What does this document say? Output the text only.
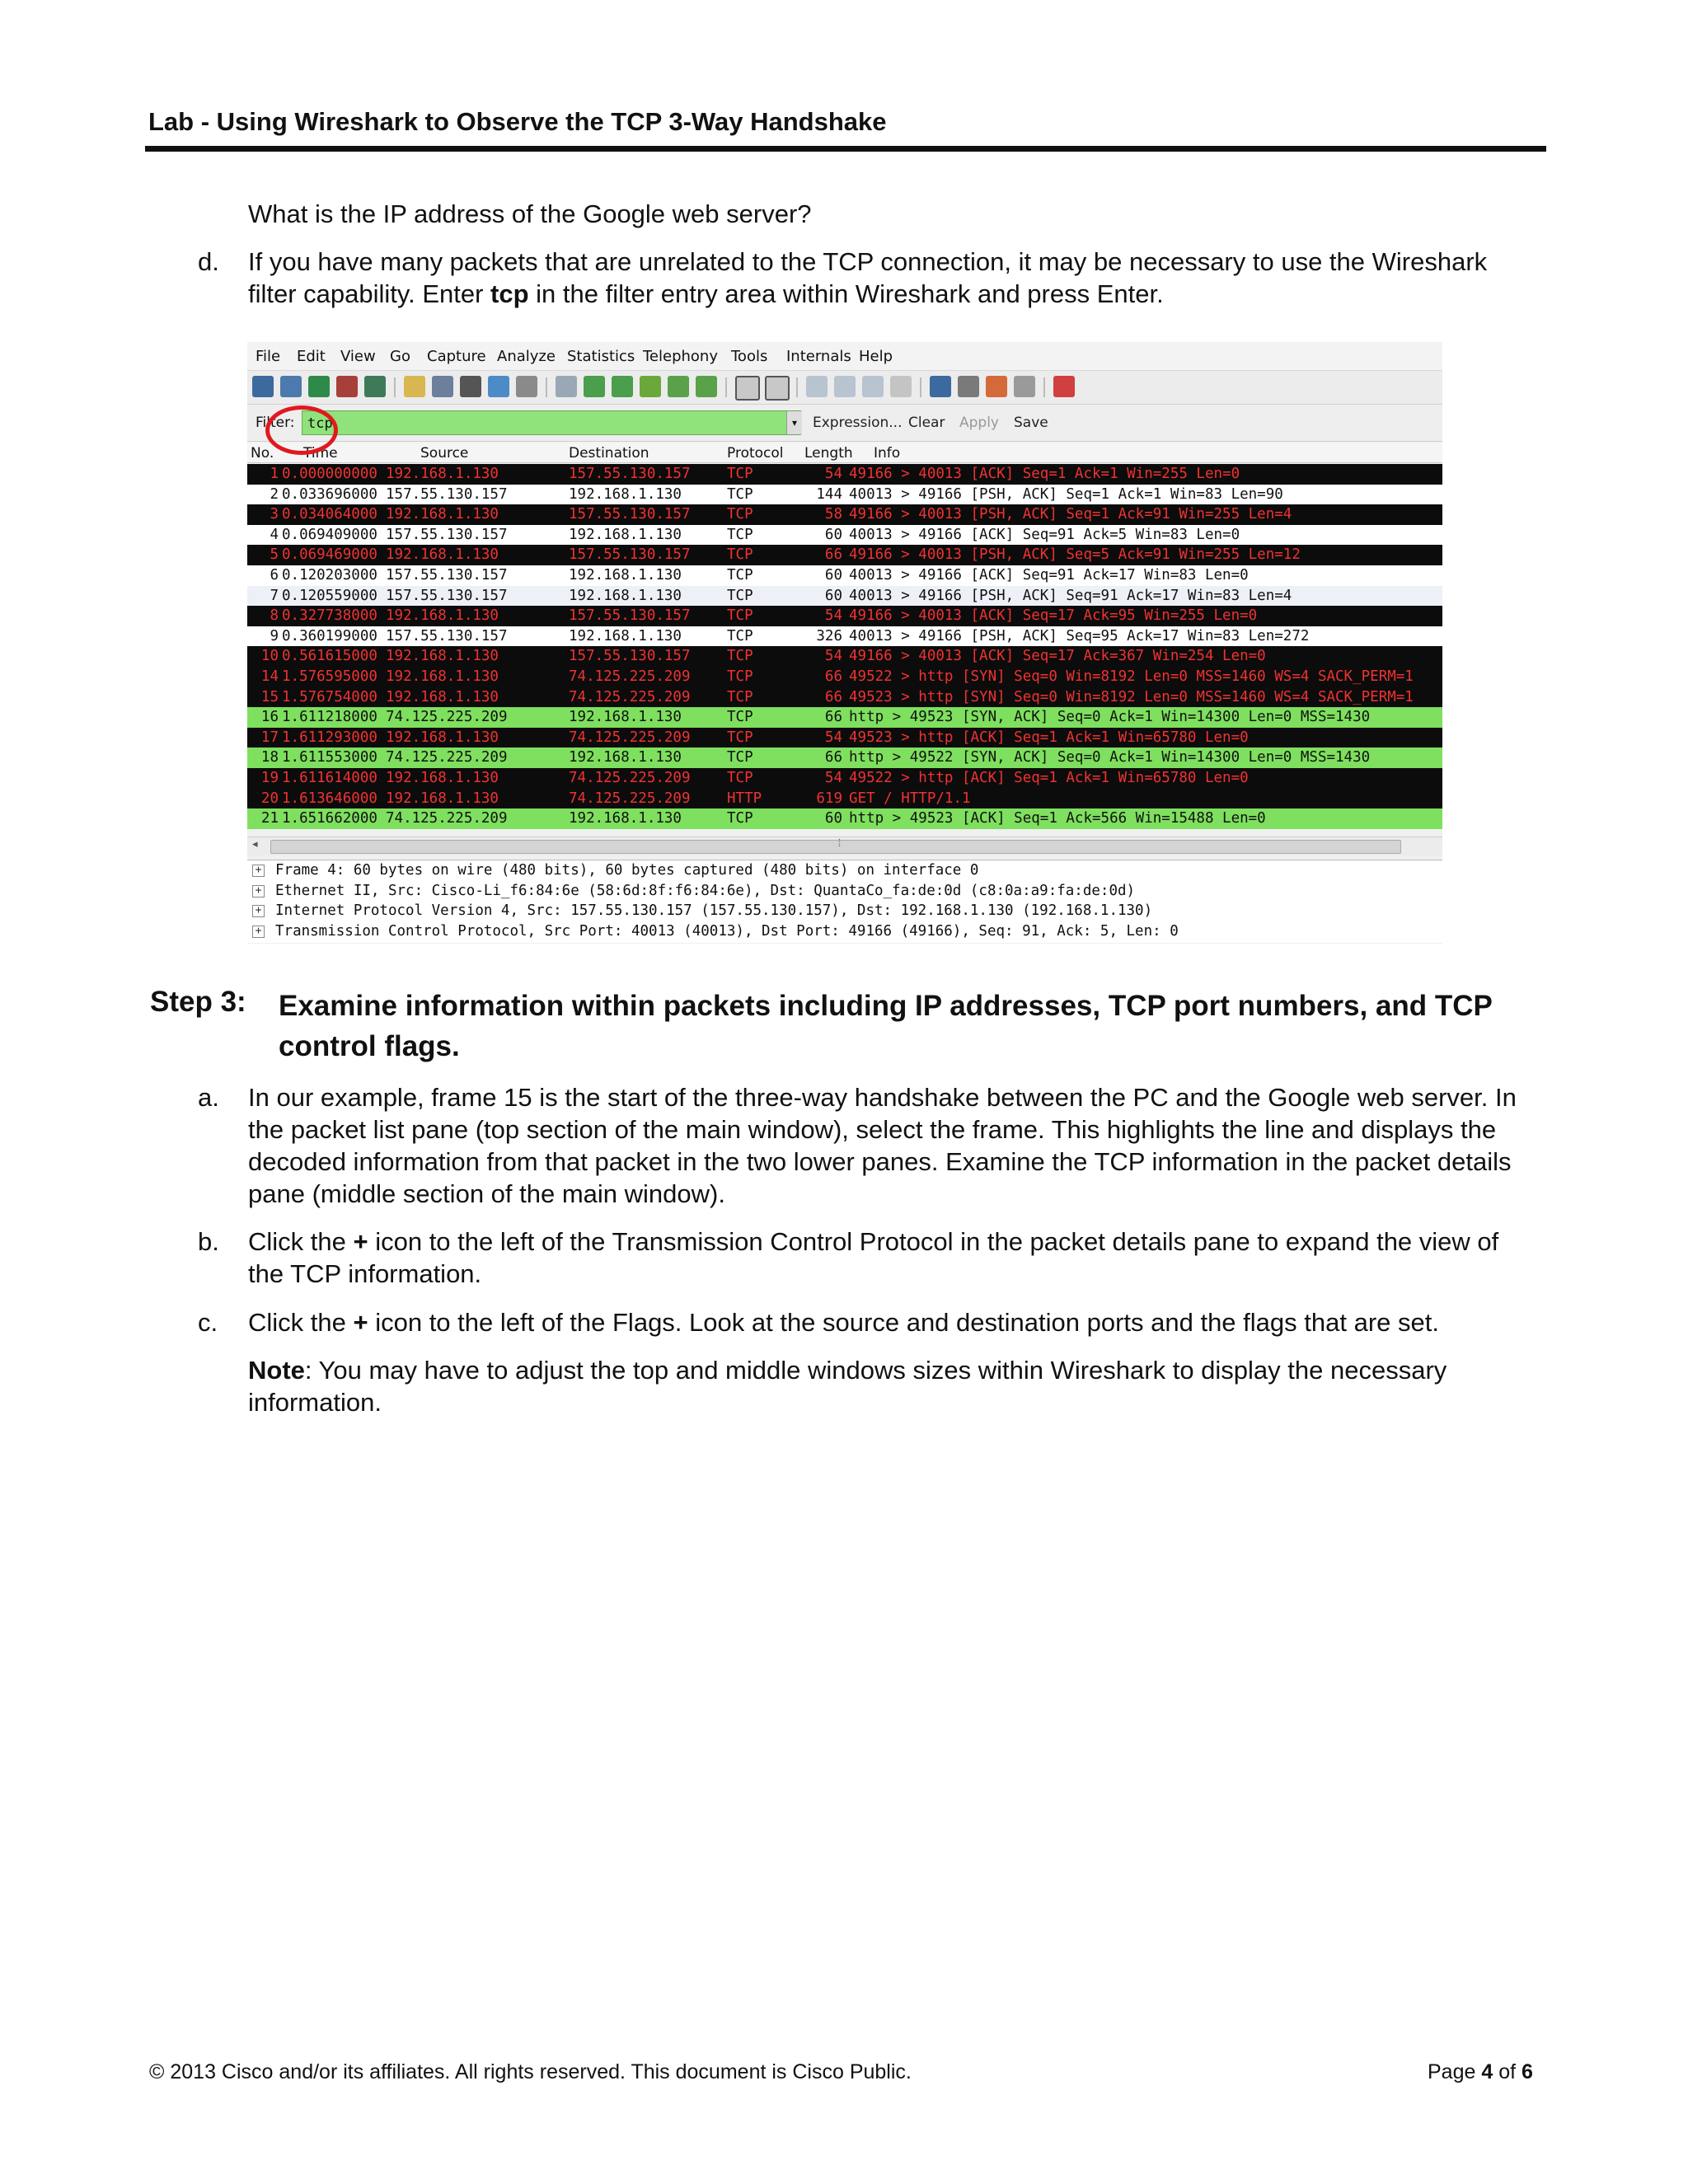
Lab - Using Wireshark to Observe the TCP 3-Way Handshake
What is the IP address of the Google web server?
d. If you have many packets that are unrelated to the TCP connection, it may be necessary to use the Wireshark filter capability. Enter tcp in the filter entry area within Wireshark and press Enter.
File Edit View Go Capture Analyze Statistics Telephony Tools Internals Help
Filter: tcp	▾	Expression... Clear Apply Save
No. Time	Source	Destination	Protocol Length Info
1 0.000000000 192.168.1.130	157.55.130.157	TCP	54 49166 > 40013 [ACK] Seq=1 Ack=1 Win=255 Len=0
2 0.033696000 157.55.130.157	192.168.1.130	TCP	144 40013 > 49166 [PSH, ACK] Seq=1 Ack=1 Win=83 Len=90
3 0.034064000 192.168.1.130	157.55.130.157	TCP	58 49166 > 40013 [PSH, ACK] Seq=1 Ack=91 Win=255 Len=4
4 0.069409000 157.55.130.157	192.168.1.130	TCP	60 40013 > 49166 [ACK] Seq=91 Ack=5 Win=83 Len=0
5 0.069469000 192.168.1.130	157.55.130.157	TCP	66 49166 > 40013 [PSH, ACK] Seq=5 Ack=91 Win=255 Len=12
6 0.120203000 157.55.130.157	192.168.1.130	TCP	60 40013 > 49166 [ACK] Seq=91 Ack=17 Win=83 Len=0
7 0.120559000 157.55.130.157	192.168.1.130	TCP	60 40013 > 49166 [PSH, ACK] Seq=91 Ack=17 Win=83 Len=4
8 0.327738000 192.168.1.130	157.55.130.157	TCP	54 49166 > 40013 [ACK] Seq=17 Ack=95 Win=255 Len=0
9 0.360199000 157.55.130.157	192.168.1.130	TCP	326 40013 > 49166 [PSH, ACK] Seq=95 Ack=17 Win=83 Len=272
10 0.561615000 192.168.1.130	157.55.130.157	TCP	54 49166 > 40013 [ACK] Seq=17 Ack=367 Win=254 Len=0
14 1.576595000 192.168.1.130	74.125.225.209	TCP	66 49522 > http [SYN] Seq=0 Win=8192 Len=0 MSS=1460 WS=4 SACK_PERM=1
15 1.576754000 192.168.1.130	74.125.225.209	TCP	66 49523 > http [SYN] Seq=0 Win=8192 Len=0 MSS=1460 WS=4 SACK_PERM=1
16 1.611218000 74.125.225.209	192.168.1.130	TCP	66 http > 49523 [SYN, ACK] Seq=0 Ack=1 Win=14300 Len=0 MSS=1430
17 1.611293000 192.168.1.130	74.125.225.209	TCP	54 49523 > http [ACK] Seq=1 Ack=1 Win=65780 Len=0
18 1.611553000 74.125.225.209	192.168.1.130	TCP	66 http > 49522 [SYN, ACK] Seq=0 Ack=1 Win=14300 Len=0 MSS=1430
19 1.611614000 192.168.1.130	74.125.225.209	TCP	54 49522 > http [ACK] Seq=1 Ack=1 Win=65780 Len=0
20 1.613646000 192.168.1.130	74.125.225.209	HTTP	619 GET / HTTP/1.1
21 1.651662000 74.125.225.209	192.168.1.130	TCP	60 http > 49523 [ACK] Seq=1 Ack=566 Win=15488 Len=0
◂	⦙
+ Frame 4: 60 bytes on wire (480 bits), 60 bytes captured (480 bits) on interface 0
+ Ethernet II, Src: Cisco-Li_f6:84:6e (58:6d:8f:f6:84:6e), Dst: QuantaCo_fa:de:0d (c8:0a:a9:fa:de:0d)
+ Internet Protocol Version 4, Src: 157.55.130.157 (157.55.130.157), Dst: 192.168.1.130 (192.168.1.130)
+ Transmission Control Protocol, Src Port: 40013 (40013), Dst Port: 49166 (49166), Seq: 91, Ack: 5, Len: 0
Step 3: Examine information within packets including IP addresses, TCP port numbers, and TCP control flags.
a. In our example, frame 15 is the start of the three-way handshake between the PC and the Google web server. In the packet list pane (top section of the main window), select the frame. This highlights the line and displays the decoded information from that packet in the two lower panes. Examine the TCP information in the packet details pane (middle section of the main window).
b. Click the + icon to the left of the Transmission Control Protocol in the packet details pane to expand the view of the TCP information.
c. Click the + icon to the left of the Flags. Look at the source and destination ports and the flags that are set.
Note: You may have to adjust the top and middle windows sizes within Wireshark to display the necessary information.
© 2013 Cisco and/or its affiliates. All rights reserved. This document is Cisco Public.	Page 4 of 6
